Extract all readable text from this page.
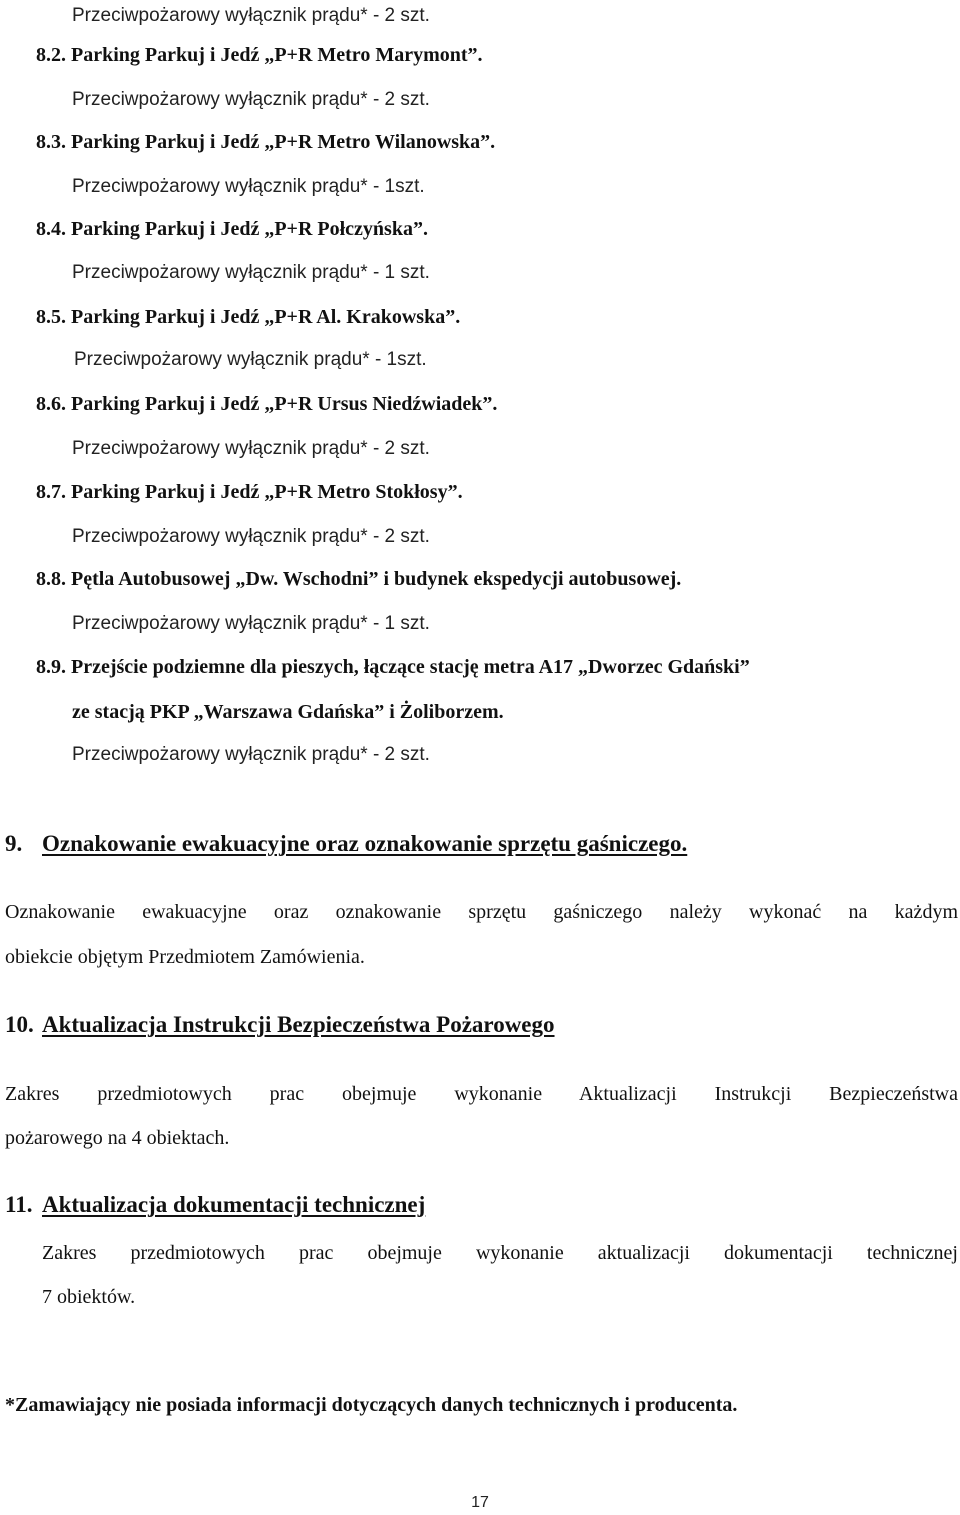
Przeciwpożarowy wyłącznik prądu* - 2 szt.
8.2. Parking Parkuj i Jedź „P+R Metro Marymont”.
Przeciwpożarowy wyłącznik prądu* - 2 szt.
8.3. Parking Parkuj i Jedź „P+R Metro Wilanowska”.
Przeciwpożarowy wyłącznik prądu* - 1szt.
8.4. Parking Parkuj i Jedź „P+R Połczyńska”.
Przeciwpożarowy wyłącznik prądu* - 1 szt.
8.5. Parking Parkuj i Jedź „P+R Al. Krakowska”.
Przeciwpożarowy wyłącznik prądu* - 1szt.
8.6. Parking Parkuj i Jedź „P+R Ursus Niedźwiadek”.
Przeciwpożarowy wyłącznik prądu* - 2 szt.
8.7. Parking Parkuj i Jedź „P+R Metro Stokłosy”.
Przeciwpożarowy wyłącznik prądu* - 2 szt.
8.8. Pętla Autobusowej „Dw. Wschodni” i budynek ekspedycji autobusowej.
Przeciwpożarowy wyłącznik prądu* - 1 szt.
8.9. Przejście podziemne dla pieszych, łączące stację metra A17 „Dworzec Gdański”
ze stacją PKP „Warszawa Gdańska” i Żoliborzem.
Przeciwpożarowy wyłącznik prądu* - 2 szt.
9. Oznakowanie ewakuacyjne oraz oznakowanie sprzętu gaśniczego.
Oznakowanie ewakuacyjne oraz oznakowanie sprzętu gaśniczego należy wykonać na każdym
obiekcie objętym Przedmiotem Zamówienia.
10. Aktualizacja Instrukcji Bezpieczeństwa Pożarowego
Zakres przedmiotowych prac obejmuje wykonanie Aktualizacji Instrukcji Bezpieczeństwa
pożarowego na 4 obiektach.
11. Aktualizacja dokumentacji technicznej
Zakres przedmiotowych prac obejmuje wykonanie aktualizacji dokumentacji technicznej
7 obiektów.
*Zamawiający nie posiada informacji dotyczących danych technicznych i producenta.
17
